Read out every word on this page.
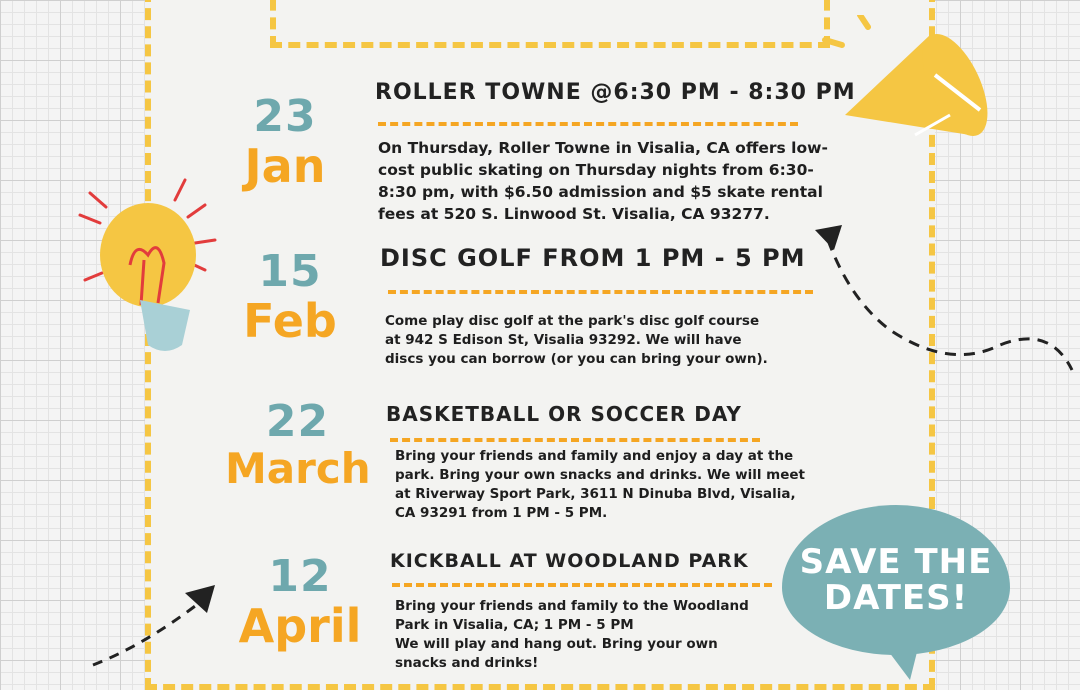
23
Jan
ROLLER TOWNE @6:30 PM - 8:30 PM
On Thursday, Roller Towne in Visalia, CA offers low-
cost public skating on Thursday nights from 6:30-
8:30 pm, with $6.50 admission and $5 skate rental
fees at 520 S. Linwood St. Visalia, CA 93277.
15
Feb
DISC GOLF FROM 1 PM - 5 PM
Come play disc golf at the park's disc golf course
at 942 S Edison St, Visalia 93292. We will have
discs you can borrow (or you can bring your own).
22
March
BASKETBALL OR SOCCER DAY
Bring your friends and family and enjoy a day at the
park. Bring your own snacks and drinks. We will meet
at Riverway Sport Park, 3611 N Dinuba Blvd, Visalia,
CA 93291 from 1 PM - 5 PM.
12
April
KICKBALL AT WOODLAND PARK
Bring your friends and family to the Woodland
Park in Visalia, CA; 1 PM - 5 PM
We will play and hang out. Bring your own
snacks and drinks!
SAVE THE
DATES!
